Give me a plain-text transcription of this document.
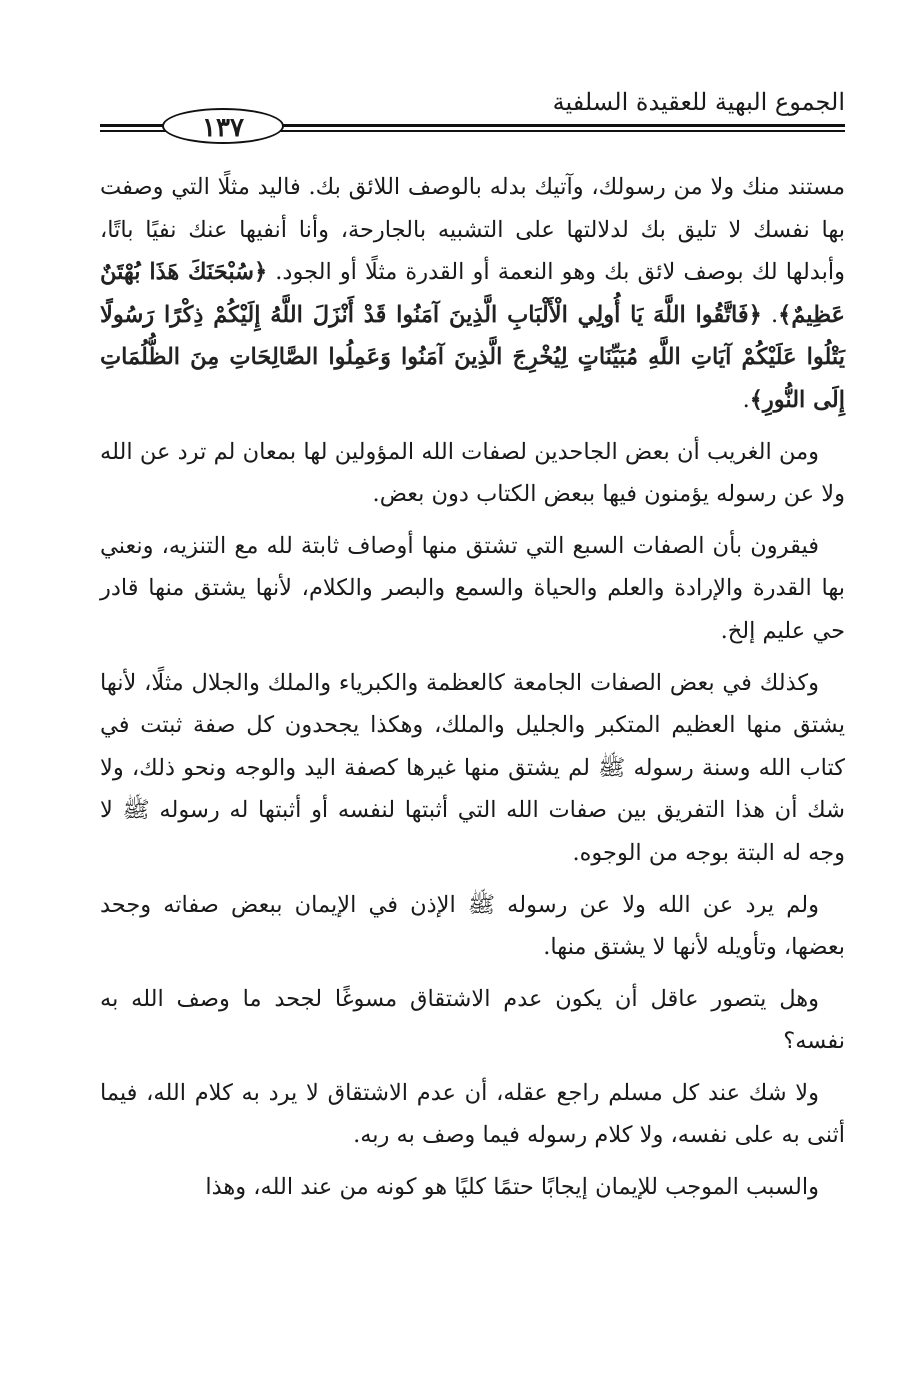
الجموع البهية للعقيدة السلفية
١٣٧

مستند منك ولا من رسولك، وآتيك بدله بالوصف اللائق بك. فاليد مثلًا التي وصفت بها نفسك لا تليق بك لدلالتها على التشبيه بالجارحة، وأنا أنفيها عنك نفيًا باتًا، وأبدلها لك بوصف لائق بك وهو النعمة أو القدرة مثلًا أو الجود. ﴿سُبْحَنَكَ هَذَا بُهْتَنٌ عَظِيمٌ﴾. ﴿فَاتَّقُوا اللَّهَ يَا أُولِي الْأَلْبَابِ الَّذِينَ آمَنُوا قَدْ أَنْزَلَ اللَّهُ إِلَيْكُمْ ذِكْرًا رَسُولًا يَتْلُوا عَلَيْكُمْ آيَاتِ اللَّهِ مُبَيِّنَاتٍ لِيُخْرِجَ الَّذِينَ آمَنُوا وَعَمِلُوا الصَّالِحَاتِ مِنَ الظُّلُمَاتِ إِلَى النُّورِ﴾.

ومن الغريب أن بعض الجاحدين لصفات الله المؤولين لها بمعان لم ترد عن الله ولا عن رسوله يؤمنون فيها ببعض الكتاب دون بعض.

فيقرون بأن الصفات السبع التي تشتق منها أوصاف ثابتة لله مع التنزيه، ونعني بها القدرة والإرادة والعلم والحياة والسمع والبصر والكلام، لأنها يشتق منها قادر حي عليم إلخ.

وكذلك في بعض الصفات الجامعة كالعظمة والكبرياء والملك والجلال مثلًا، لأنها يشتق منها العظيم المتكبر والجليل والملك، وهكذا يجحدون كل صفة ثبتت في كتاب الله وسنة رسوله ﷺ لم يشتق منها غيرها كصفة اليد والوجه ونحو ذلك، ولا شك أن هذا التفريق بين صفات الله التي أثبتها لنفسه أو أثبتها له رسوله ﷺ لا وجه له البتة بوجه من الوجوه.

ولم يرد عن الله ولا عن رسوله ﷺ الإذن في الإيمان ببعض صفاته وجحد بعضها، وتأويله لأنها لا يشتق منها.

وهل يتصور عاقل أن يكون عدم الاشتقاق مسوغًا لجحد ما وصف الله به نفسه؟

ولا شك عند كل مسلم راجع عقله، أن عدم الاشتقاق لا يرد به كلام الله، فيما أثنى به على نفسه، ولا كلام رسوله فيما وصف به ربه.

والسبب الموجب للإيمان إيجابًا حتمًا كليًا هو كونه من عند الله، وهذا
